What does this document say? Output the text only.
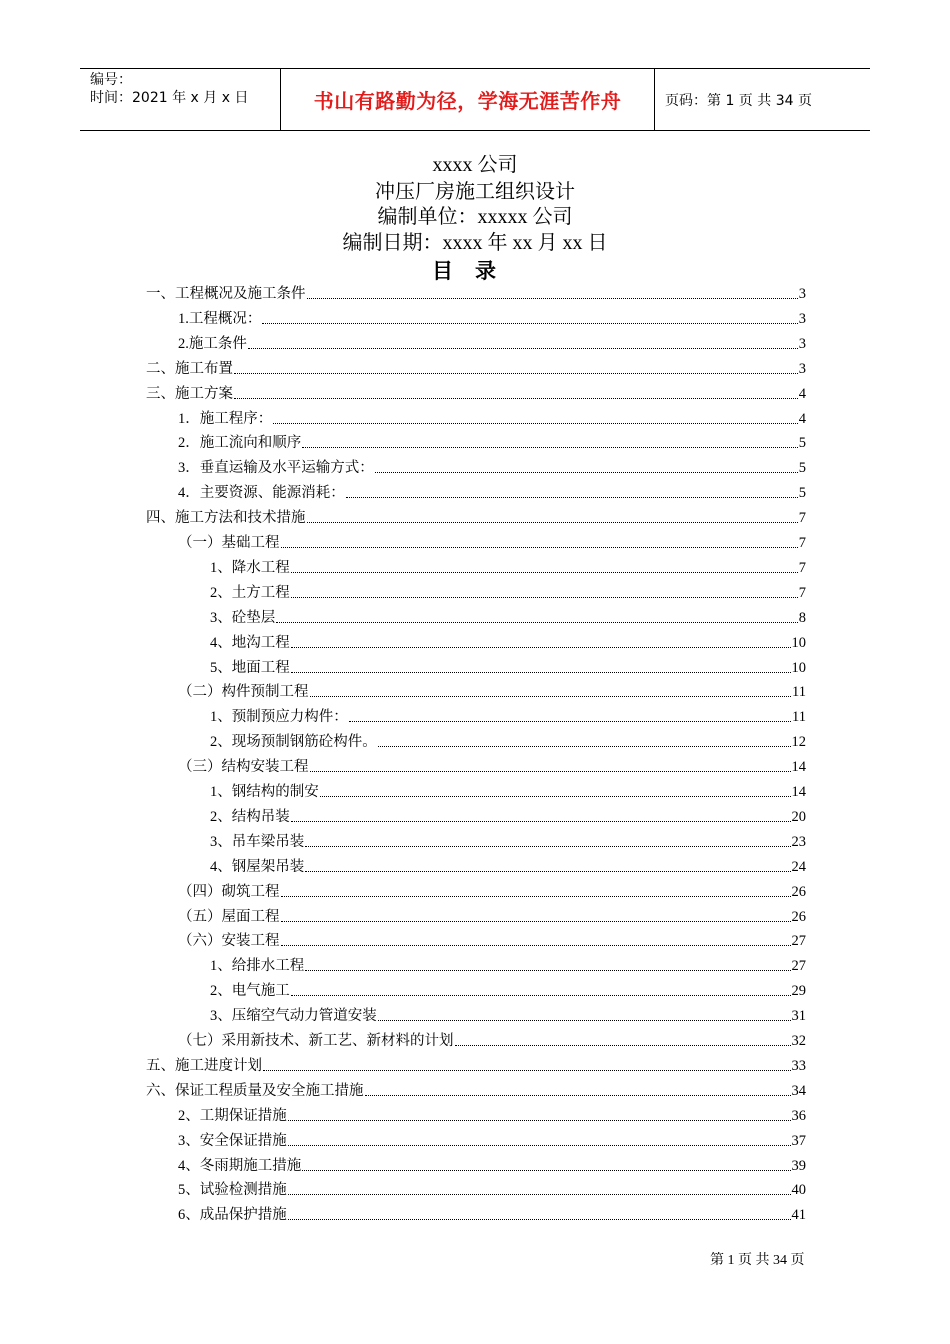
编号：
时间：2021 年 x 月 x 日	书山有路勤为径，学海无涯苦作舟	页码：第 1 页 共 34 页
xxxx 公司
冲压厂房施工组织设计
编制单位：xxxxx 公司
编制日期：xxxx 年 xx 月 xx 日
目录
一、工程概况及施工条件	3
1.工程概况：	3
2.施工条件	3
二、施工布置	3
三、施工方案	4
1．施工程序：	4
2．施工流向和顺序	5
3．垂直运输及水平运输方式：	5
4．主要资源、能源消耗：	5
四、施工方法和技术措施	7
（一）基础工程	7
1、降水工程	7
2、土方工程	7
3、砼垫层	8
4、地沟工程	10
5、地面工程	10
（二）构件预制工程	11
1、预制预应力构件：	11
2、现场预制钢筋砼构件。	12
（三）结构安装工程	14
1、钢结构的制安	14
2、结构吊装	20
3、吊车梁吊装	23
4、钢屋架吊装	24
（四）砌筑工程	26
（五）屋面工程	26
（六）安装工程	27
1、给排水工程	27
2、电气施工	29
3、压缩空气动力管道安装	31
（七）采用新技术、新工艺、新材料的计划	32
五、施工进度计划	33
六、保证工程质量及安全施工措施	34
2、工期保证措施	36
3、安全保证措施	37
4、冬雨期施工措施	39
5、试验检测措施	40
6、成品保护措施	41
第 1 页 共 34 页
